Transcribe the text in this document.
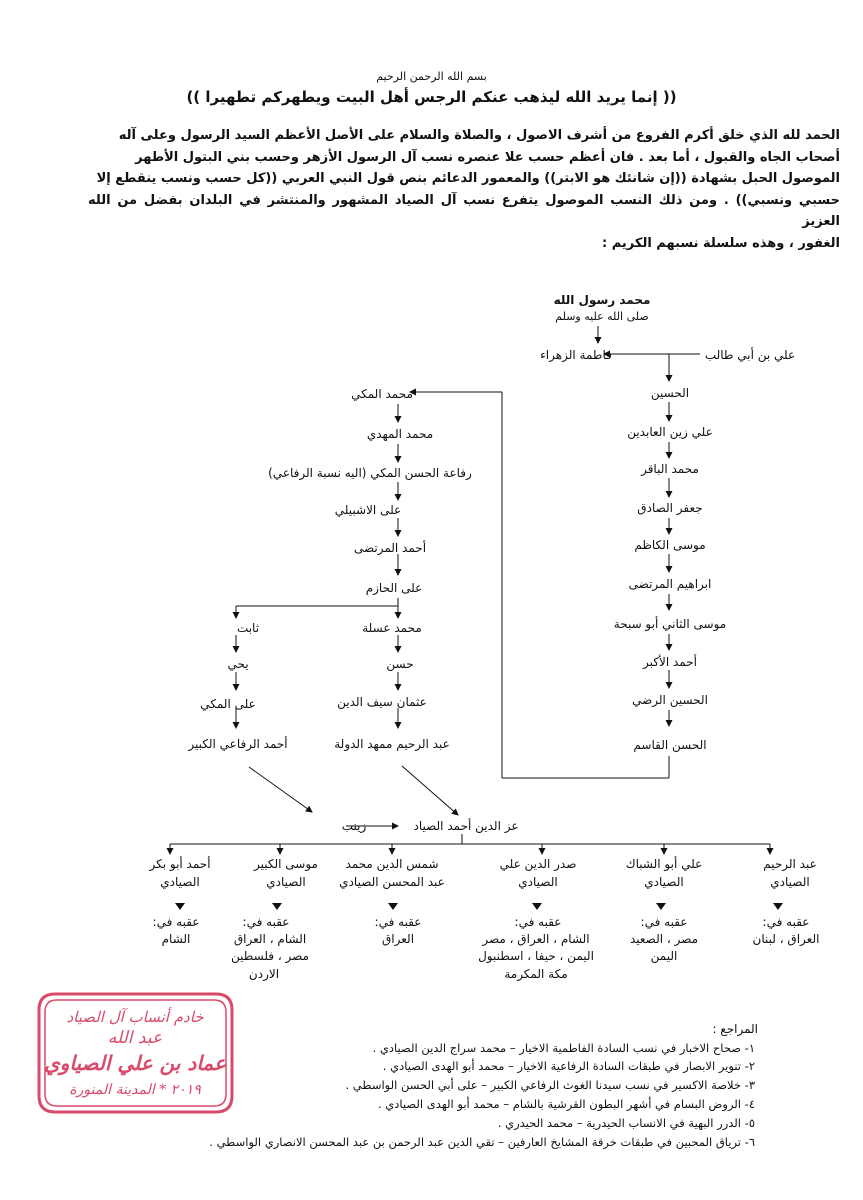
بسم الله الرحمن الرحيم
(( إنما يريد الله ليذهب عنكم الرجس أهل البيت ويطهركم تطهيرا ))

الحمد لله الذي خلق أكرم الفروع من أشرف الاصول ، والصلاة والسلام على الأصل الأعظم السيد الرسول وعلى آله

أصحاب الجاه والقبول ، أما بعد . فان أعظم حسب علا عنصره نسب آل الرسول الأزهر وحسب بني البتول الأطهر

الموصول الحبل بشهادة ((إن شانئك هو الابتر)) والمعمور الدعائم بنص قول النبي العربي ((كل حسب ونسب ينقطع إلا

حسبي ونسبي)) . ومن ذلك النسب الموصول يتفرع نسب آل الصياد المشهور والمنتشر في البلدان بفضل من الله العزيز

الغفور ، وهذه سلسلة نسبهم الكريم :

محمد رسول الله
صلى الله عليه وسلم
علي بن أبي طالب
فاطمة الزهراء
الحسين
علي زين العابدين
محمد الباقر
جعفر الصادق
موسى الكاظم
ابراهيم المرتضى
موسى الثاني أبو سبحة
أحمد الأكبر
الحسين الرضي
الحسن القاسم
محمد المكي
محمد المهدي
رفاعة الحسن المكي (اليه نسبة الرفاعي)
على الاشبيلي
أحمد المرتضى
على الحازم
محمد عسلة
حسن
عثمان سيف الدين
عبد الرحيم ممهد الدولة
ثابت
يحي
على المكي
أحمد الرفاعي الكبير
زينب	عز الدين أحمد الصياد
عبد الرحيم
الصيادي
عقبه في:
العراق ، لبنان
علي أبو الشباك
الصيادي
عقبه في:
مصر ، الصعيد
اليمن
صدر الدين علي
الصيادي
عقبه في:
الشام ، العراق ، مصر
اليمن ، حيفا ، اسطنبول
مكة المكرمة
شمس الدين محمد
عبد المحسن الصيادي
عقبه في:
العراق
موسى الكبير
الصيادي
عقبه في:
الشام ، العراق
مصر ، فلسطين
الاردن
أحمد أبو بكر
الصيادي
عقبه في:
الشام
المراجع :
١- صحاح الاخبار في نسب السادة الفاطمية الاخيار – محمد سراج الدين الصيادي .
٢- تنوير الابصار في طبقات السادة الرفاعية الاخيار – محمد أبو الهدى الصيادي .
٣- خلاصة الاكسير في نسب سيدنا الغوث الرفاعي الكبير – على أبي الحسن الواسطي .
٤- الروض البسام في أشهر البطون القرشية بالشام – محمد أبو الهدى الصيادي .
٥- الدرر البهية في الانساب الحيدرية – محمد الحيدري .
٦- ترياق المحبين في طبقات خرقة المشايخ العارفين – تقي الدين عبد الرحمن بن عبد المحسن الانصاري الواسطي .
خادم أنساب آل الصياد
عبد الله
عماد بن علي الصياوي
٢٠١٩ * المدينة المنورة
